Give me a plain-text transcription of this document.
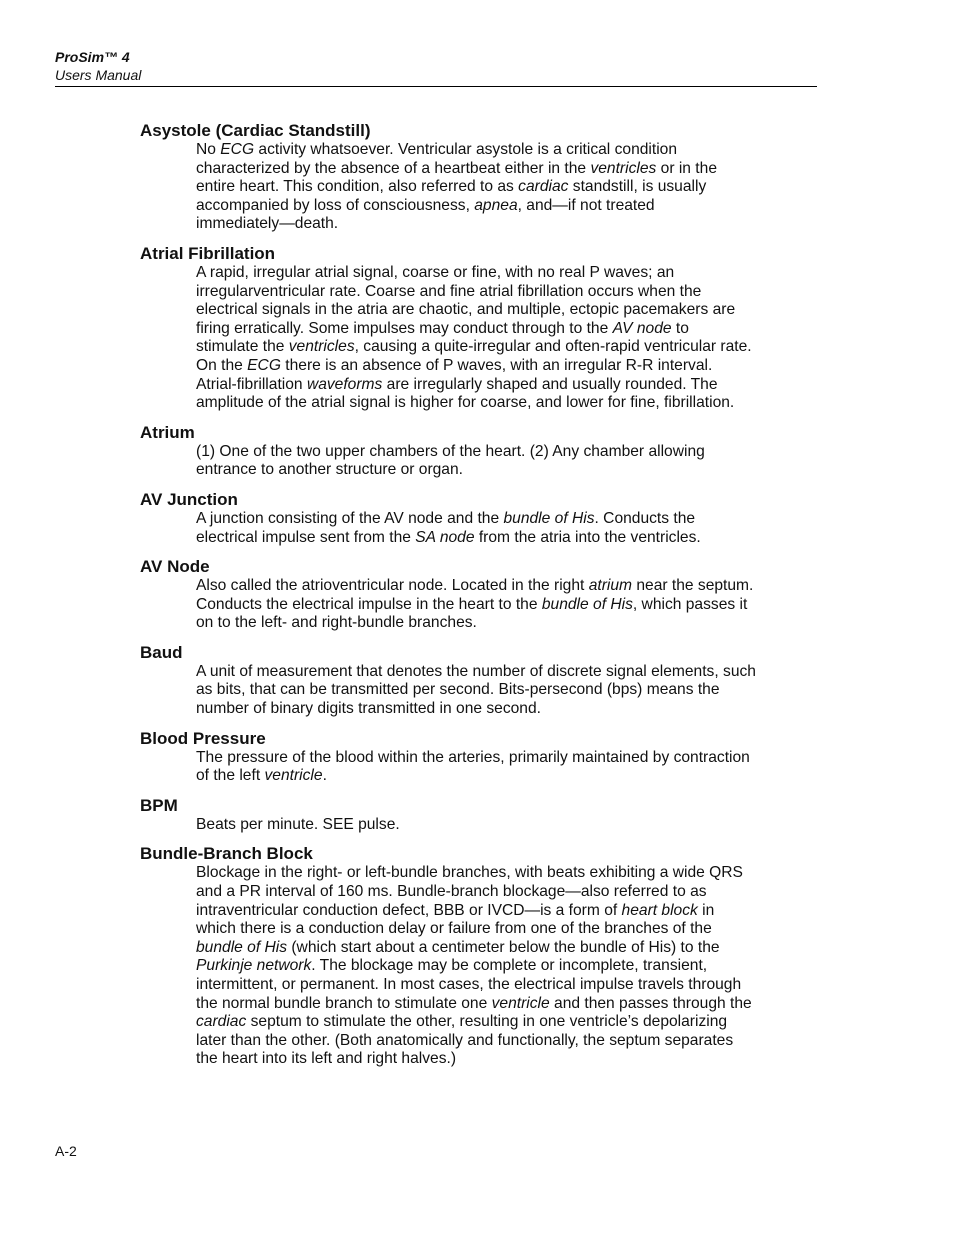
ProSim™ 4
Users Manual
Asystole (Cardiac Standstill)
No ECG activity whatsoever. Ventricular asystole is a critical condition
characterized by the absence of a heartbeat either in the ventricles or in the
entire heart. This condition, also referred to as cardiac standstill, is usually
accompanied by loss of consciousness, apnea, and—if not treated
immediately—death.
Atrial Fibrillation
A rapid, irregular atrial signal, coarse or fine, with no real P waves; an
irregularventricular rate. Coarse and fine atrial fibrillation occurs when the
electrical signals in the atria are chaotic, and multiple, ectopic pacemakers are
firing erratically. Some impulses may conduct through to the AV node to
stimulate the ventricles, causing a quite-irregular and often-rapid ventricular rate.
On the ECG there is an absence of P waves, with an irregular R-R interval.
Atrial-fibrillation waveforms are irregularly shaped and usually rounded. The
amplitude of the atrial signal is higher for coarse, and lower for fine, fibrillation.
Atrium
(1) One of the two upper chambers of the heart. (2) Any chamber allowing
entrance to another structure or organ.
AV Junction
A junction consisting of the AV node and the bundle of His. Conducts the
electrical impulse sent from the SA node from the atria into the ventricles.
AV Node
Also called the atrioventricular node. Located in the right atrium near the septum.
Conducts the electrical impulse in the heart to the bundle of His, which passes it
on to the left- and right-bundle branches.
Baud
A unit of measurement that denotes the number of discrete signal elements, such
as bits, that can be transmitted per second. Bits-persecond (bps) means the
number of binary digits transmitted in one second.
Blood Pressure
The pressure of the blood within the arteries, primarily maintained by contraction
of the left ventricle.
BPM
Beats per minute. SEE pulse.
Bundle-Branch Block
Blockage in the right- or left-bundle branches, with beats exhibiting a wide QRS
and a PR interval of 160 ms. Bundle-branch blockage—also referred to as
intraventricular conduction defect, BBB or IVCD—is a form of heart block in
which there is a conduction delay or failure from one of the branches of the
bundle of His (which start about a centimeter below the bundle of His) to the
Purkinje network. The blockage may be complete or incomplete, transient,
intermittent, or permanent. In most cases, the electrical impulse travels through
the normal bundle branch to stimulate one ventricle and then passes through the
cardiac septum to stimulate the other, resulting in one ventricle’s depolarizing
later than the other. (Both anatomically and functionally, the septum separates
the heart into its left and right halves.)
A-2
